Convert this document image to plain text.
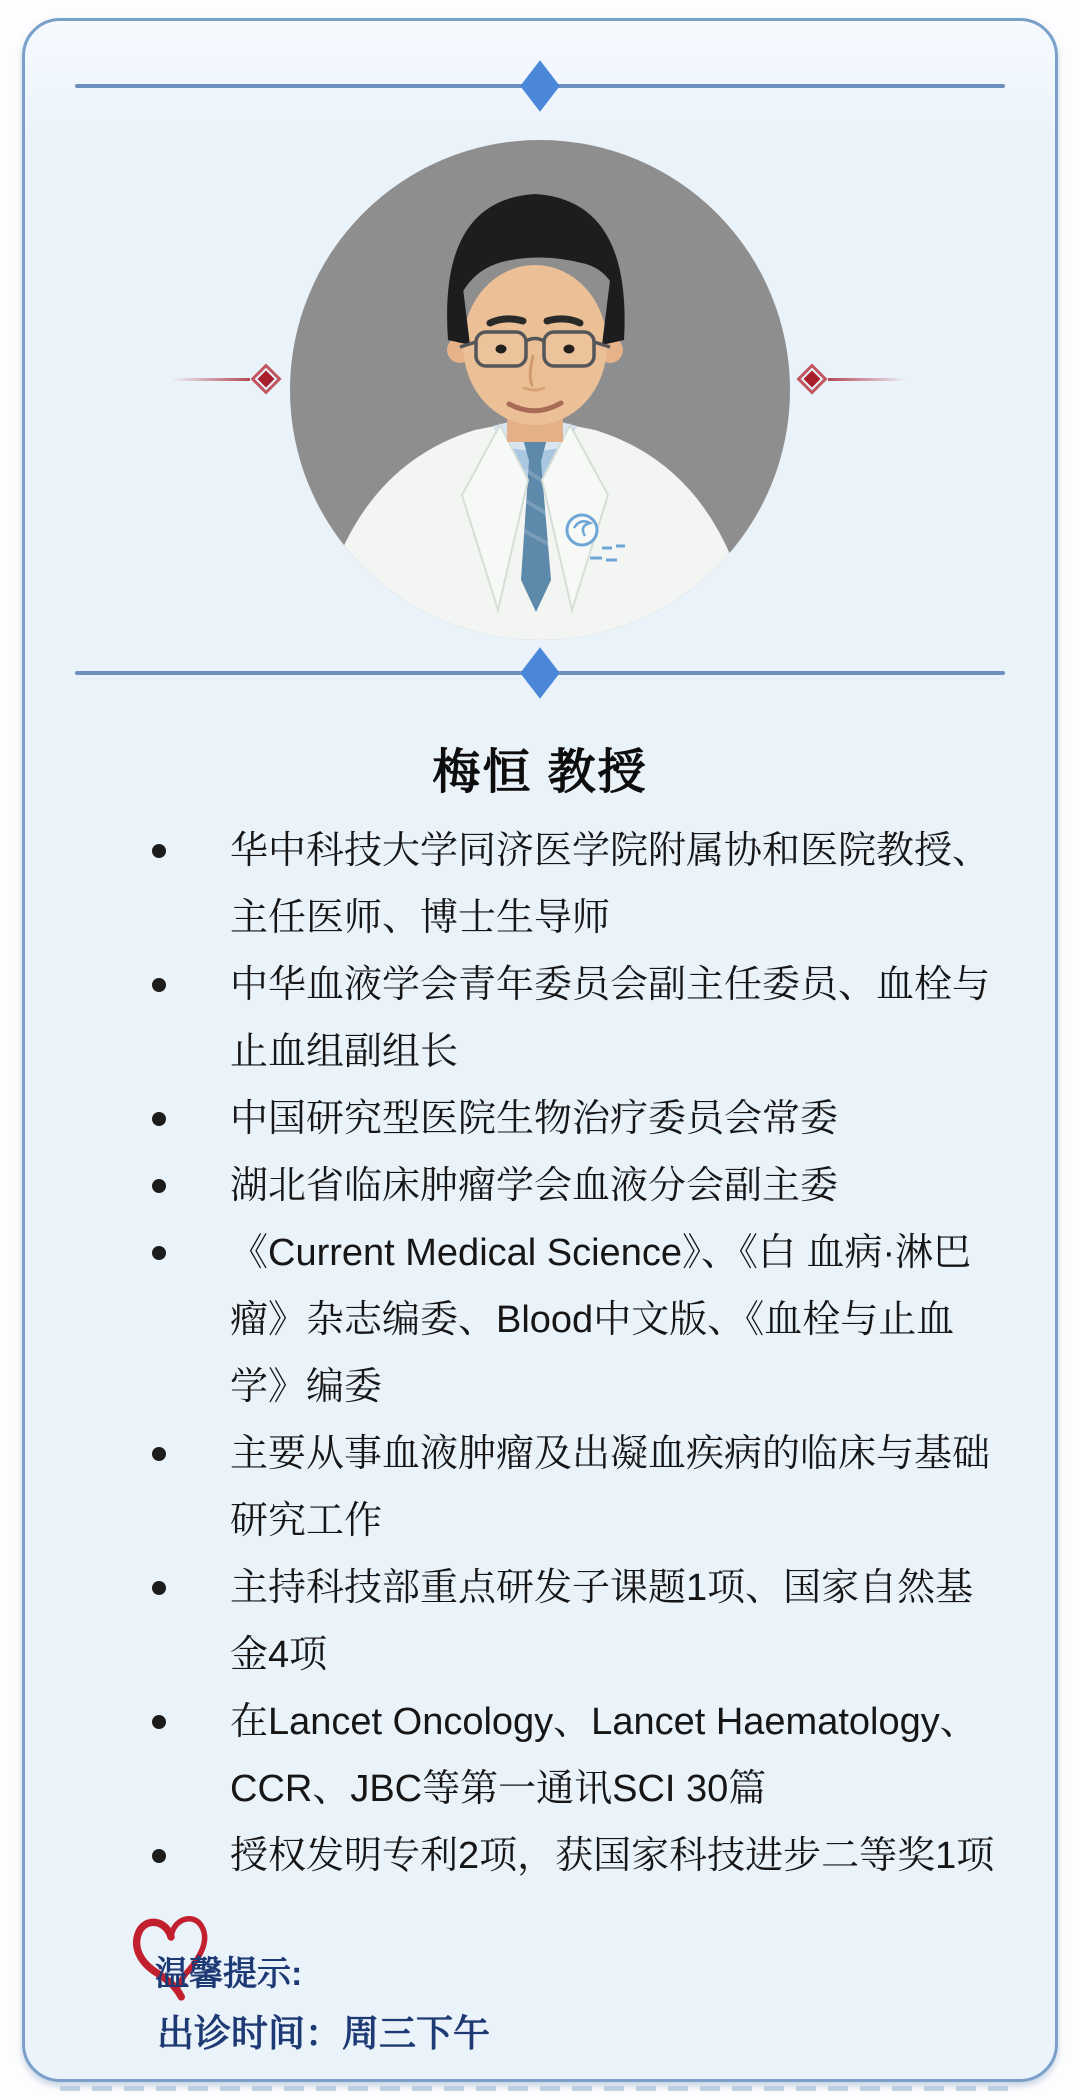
梅恒 教授
华中科技大学同济医学院附属协和医院教授、主任医师、博士生导师
中华血液学会青年委员会副主任委员、血栓与止血组副组长
中国研究型医院生物治疗委员会常委
湖北省临床肿瘤学会血液分会副主委
《Current Medical Science》、《白 血病·淋巴瘤》杂志编委、Blood中文版、《血栓与止血学》编委
主要从事血液肿瘤及出凝血疾病的临床与基础研究工作
主持科技部重点研发子课题1项、国家自然基金4项
在Lancet Oncology、Lancet Haematology、CCR、JBC等第一通讯SCI 30篇
授权发明专利2项，获国家科技进步二等奖1项
温馨提示:
出诊时间：周三下午
